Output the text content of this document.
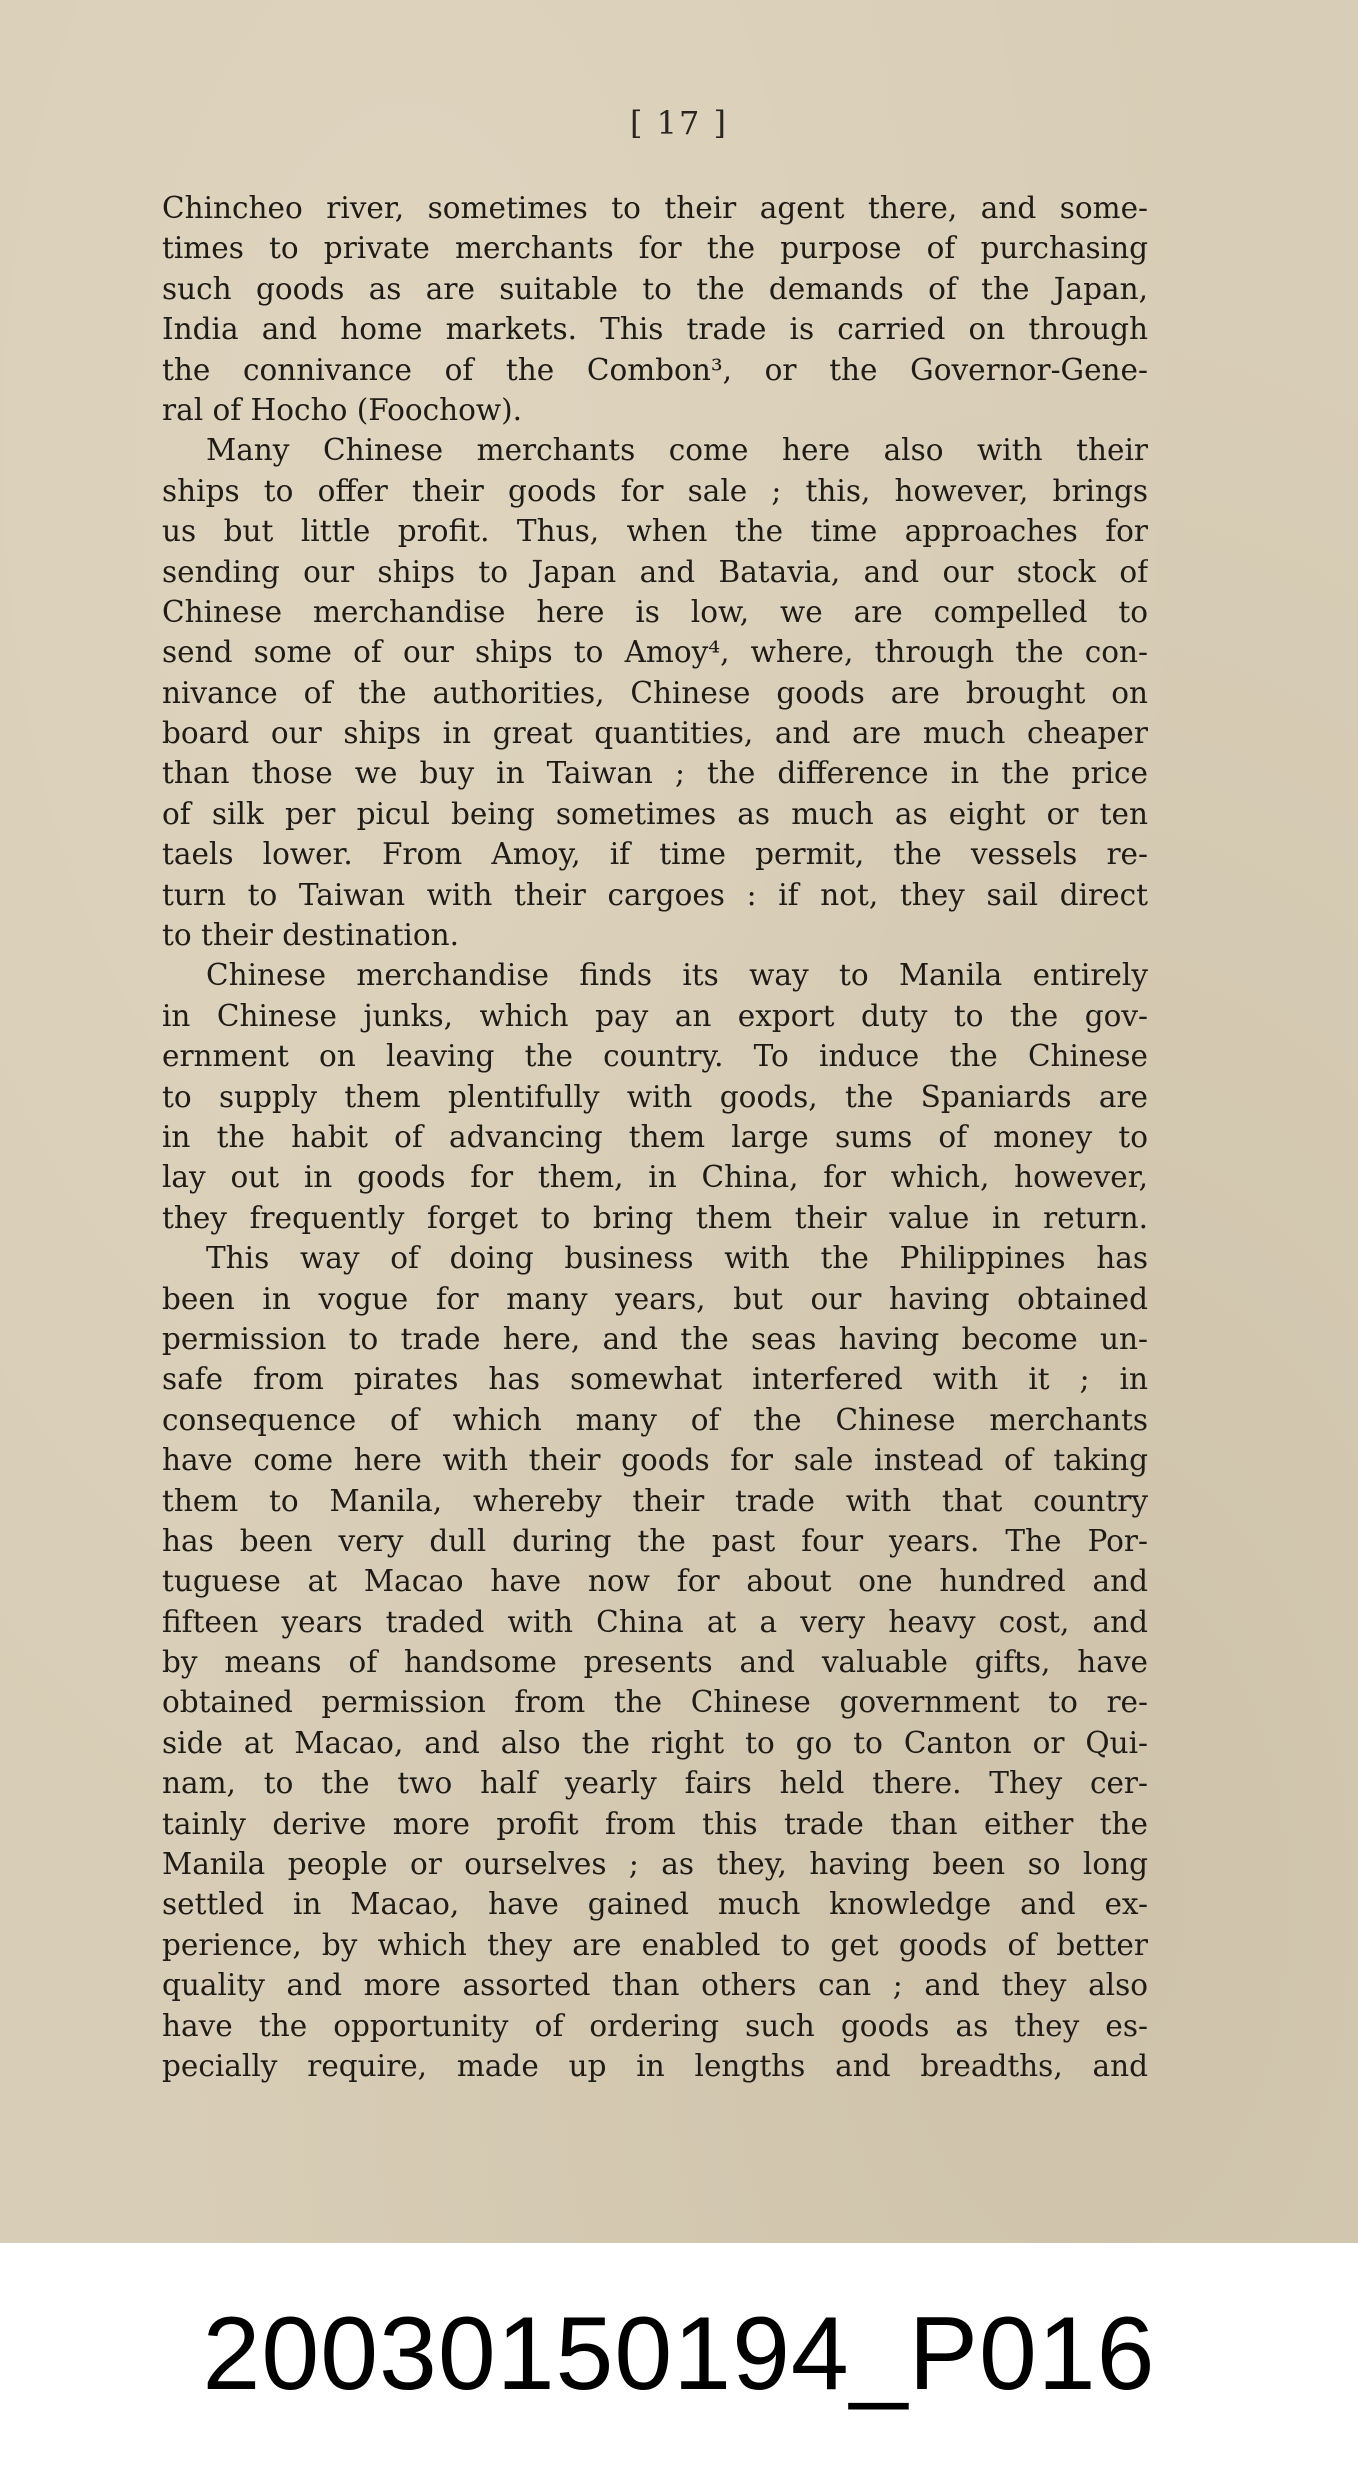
[ 17 ]
Chincheo river, sometimes to their agent there, and some-
times to private merchants for the purpose of purchasing
such goods as are suitable to the demands of the Japan,
India and home markets. This trade is carried on through
the connivance of the Combon³, or the Governor-Gene-
ral of Hocho (Foochow).
Many Chinese merchants come here also with their
ships to offer their goods for sale ; this, however, brings
us but little profit. Thus, when the time approaches for
sending our ships to Japan and Batavia, and our stock of
Chinese merchandise here is low, we are compelled to
send some of our ships to Amoy⁴, where, through the con-
nivance of the authorities, Chinese goods are brought on
board our ships in great quantities, and are much cheaper
than those we buy in Taiwan ; the difference in the price
of silk per picul being sometimes as much as eight or ten
taels lower. From Amoy, if time permit, the vessels re-
turn to Taiwan with their cargoes : if not, they sail direct
to their destination.
Chinese merchandise finds its way to Manila entirely
in Chinese junks, which pay an export duty to the gov-
ernment on leaving the country. To induce the Chinese
to supply them plentifully with goods, the Spaniards are
in the habit of advancing them large sums of money to
lay out in goods for them, in China, for which, however,
they frequently forget to bring them their value in return.
This way of doing business with the Philippines has
been in vogue for many years, but our having obtained
permission to trade here, and the seas having become un-
safe from pirates has somewhat interfered with it ; in
consequence of which many of the Chinese merchants
have come here with their goods for sale instead of taking
them to Manila, whereby their trade with that country
has been very dull during the past four years. The Por-
tuguese at Macao have now for about one hundred and
fifteen years traded with China at a very heavy cost, and
by means of handsome presents and valuable gifts, have
obtained permission from the Chinese government to re-
side at Macao, and also the right to go to Canton or Qui-
nam, to the two half yearly fairs held there. They cer-
tainly derive more profit from this trade than either the
Manila people or ourselves ; as they, having been so long
settled in Macao, have gained much knowledge and ex-
perience, by which they are enabled to get goods of better
quality and more assorted than others can ; and they also
have the opportunity of ordering such goods as they es-
pecially require, made up in lengths and breadths, and
20030150194_P016
